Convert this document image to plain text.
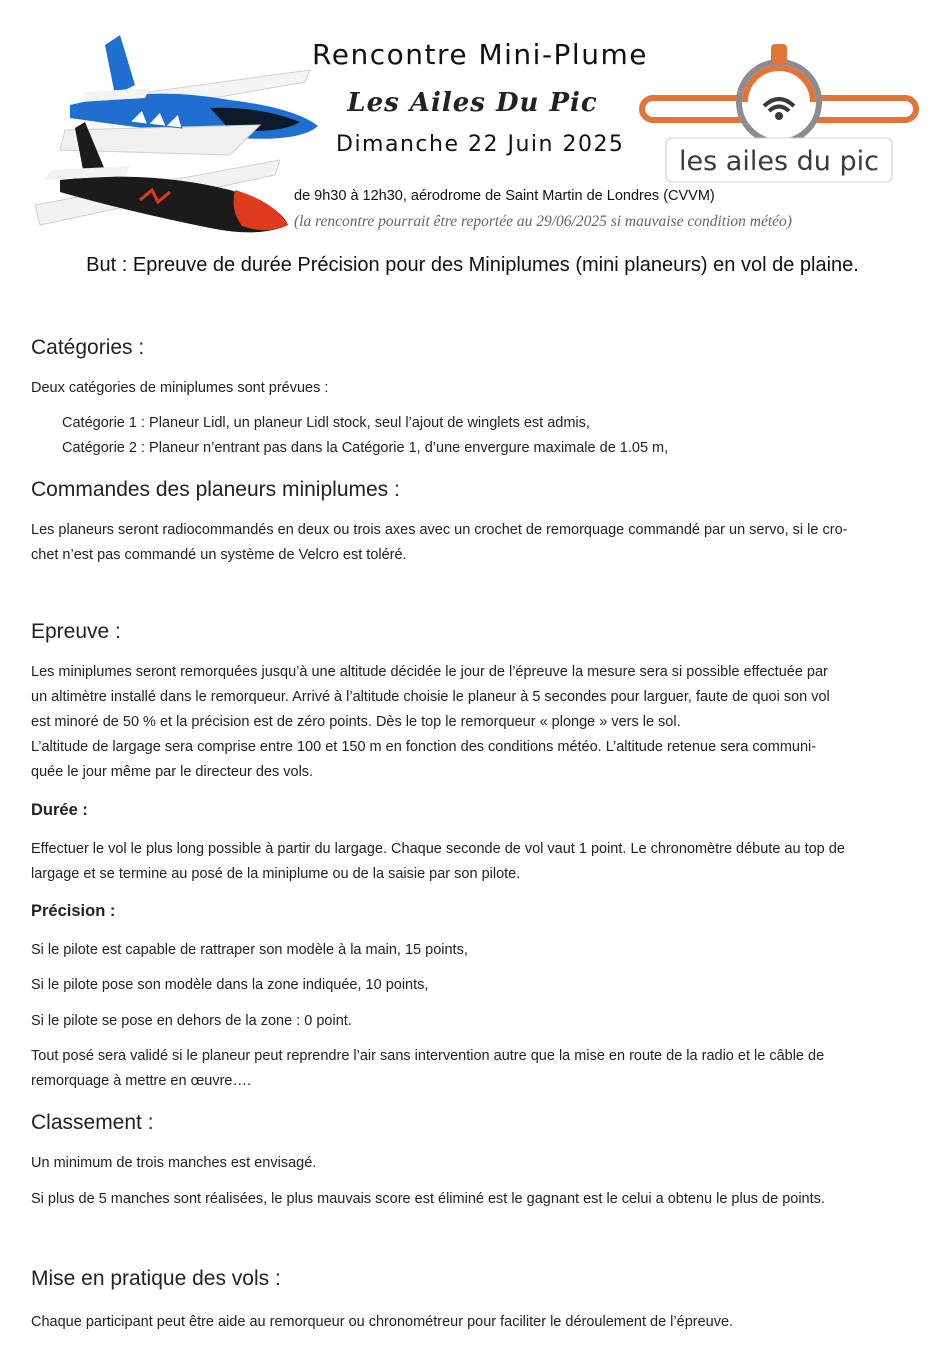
Rencontre Mini-Plume
Les Ailes Du Pic
Dimanche 22 Juin 2025
les ailes du pic
de 9h30 à 12h30, aérodrome de Saint Martin de Londres (CVVM)
(la rencontre pourrait être reportée au 29/06/2025 si mauvaise condition météo)
But : Epreuve de durée Précision pour des Miniplumes (mini planeurs) en vol de plaine.
Catégories :

Deux catégories de miniplumes sont prévues :

Catégorie 1 : Planeur Lidl, un planeur Lidl stock, seul l’ajout de winglets est admis,

Catégorie 2 : Planeur n’entrant pas dans la Catégorie 1, d’une envergure maximale de 1.05 m,

Commandes des planeurs miniplumes :

Les planeurs seront radiocommandés en deux ou trois axes avec un crochet de remorquage commandé par un servo, si le cro-

chet n’est pas commandé un système de Velcro est toléré.

Epreuve :

Les miniplumes seront remorquées jusqu’à une altitude décidée le jour de l’épreuve la mesure sera si possible effectuée par

un altimètre installé dans le remorqueur. Arrivé à l’altitude choisie le planeur à 5 secondes pour larguer, faute de quoi son vol

est minoré de 50 % et la précision est de zéro points. Dès le top le remorqueur « plonge » vers le sol.

L’altitude de largage sera comprise entre 100 et 150 m en fonction des conditions météo. L’altitude retenue sera communi-

quée le jour même par le directeur des vols.

Durée :

Effectuer le vol le plus long possible à partir du largage. Chaque seconde de vol vaut 1 point. Le chronomètre débute au top de

largage et se termine au posé de la miniplume ou de la saisie par son pilote.

Précision :

Si le pilote est capable de rattraper son modèle à la main, 15 points,

Si le pilote pose son modèle dans la zone indiquée, 10 points,

Si le pilote se pose en dehors de la zone : 0 point.

Tout posé sera validé si le planeur peut reprendre l’air sans intervention autre que la mise en route de la radio et le câble de

remorquage à mettre en œuvre….

Classement :

Un minimum de trois manches est envisagé.

Si plus de 5 manches sont réalisées, le plus mauvais score est éliminé est le gagnant est le celui a obtenu le plus de points.

Mise en pratique des vols :

Chaque participant peut être aide au remorqueur ou chronométreur pour faciliter le déroulement de l’épreuve.
